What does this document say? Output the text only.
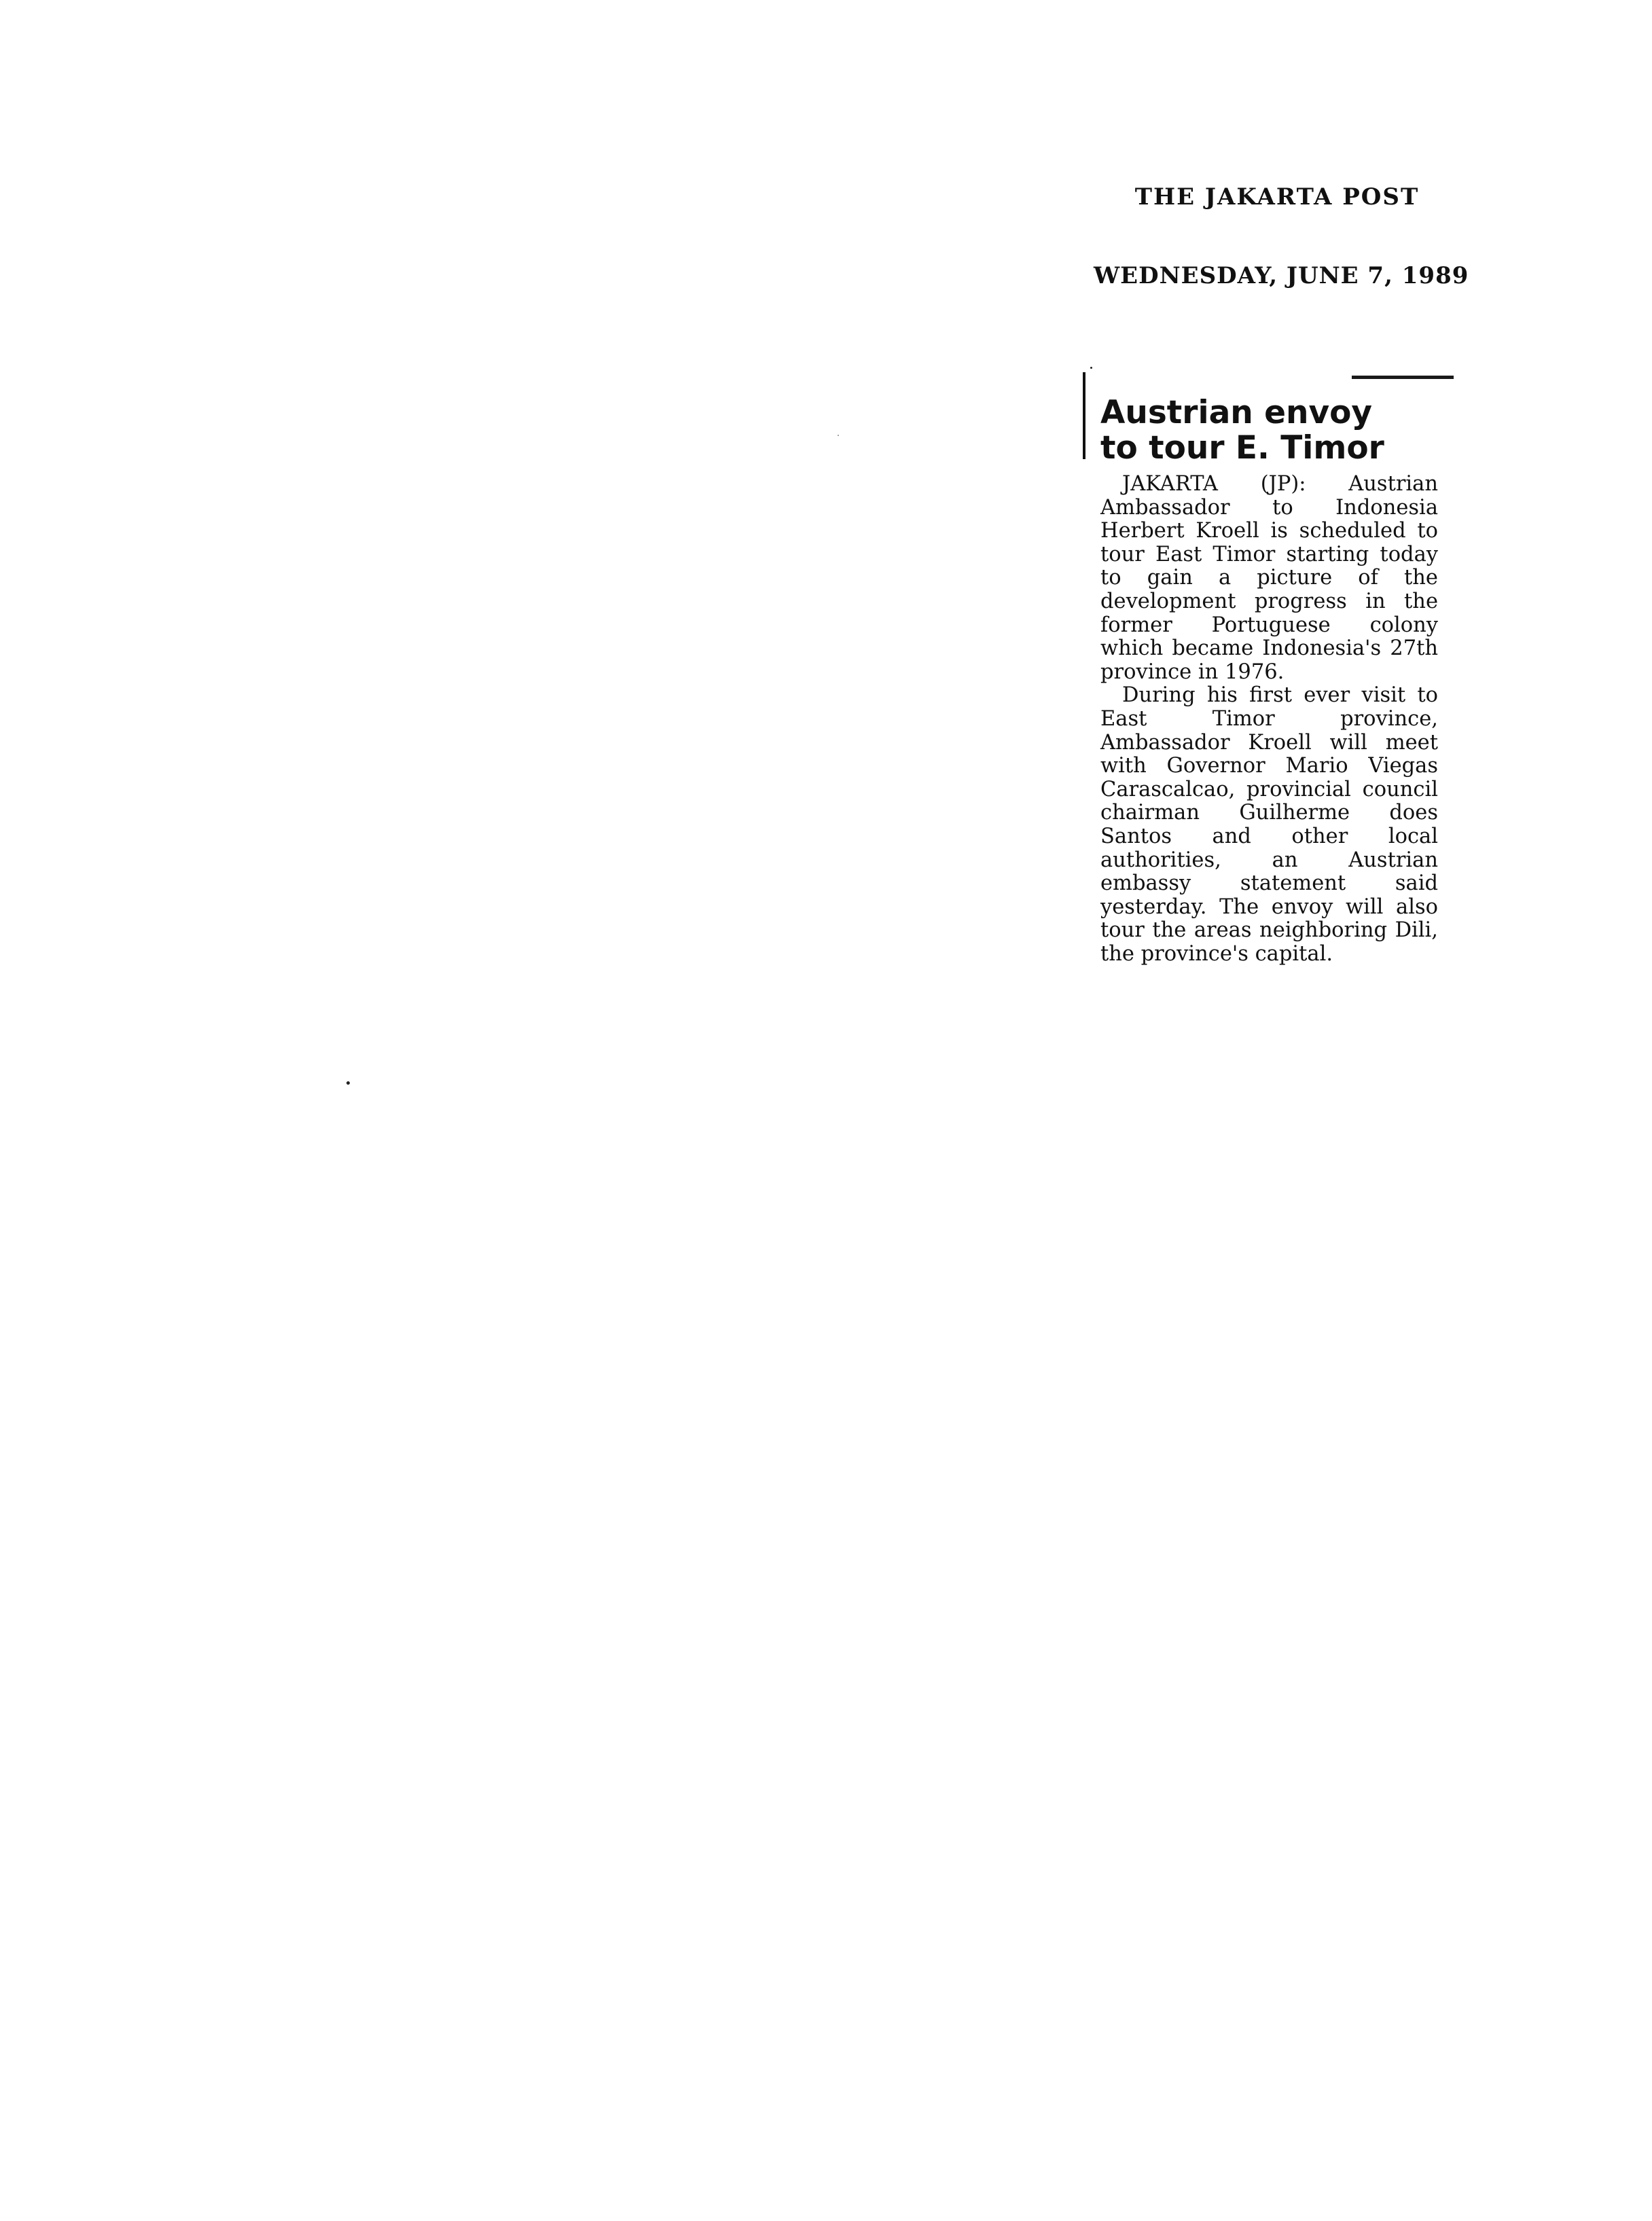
THE JAKARTA POST
WEDNESDAY, JUNE 7, 1989
Austrian envoy
to tour E. Timor

JAKARTA (JP): Austrian Ambassador to Indonesia Herbert Kroell is scheduled to tour East Timor starting today to gain a picture of the development progress in the former Portuguese colony which became Indonesia's 27th province in 1976.

During his first ever visit to East Timor province, Ambassador Kroell will meet with Governor Mario Viegas Carascalcao, provincial council chairman Guilherme does Santos and other local authorities, an Austrian embassy statement said yesterday. The envoy will also tour the areas neighboring Dili, the province's capital.
